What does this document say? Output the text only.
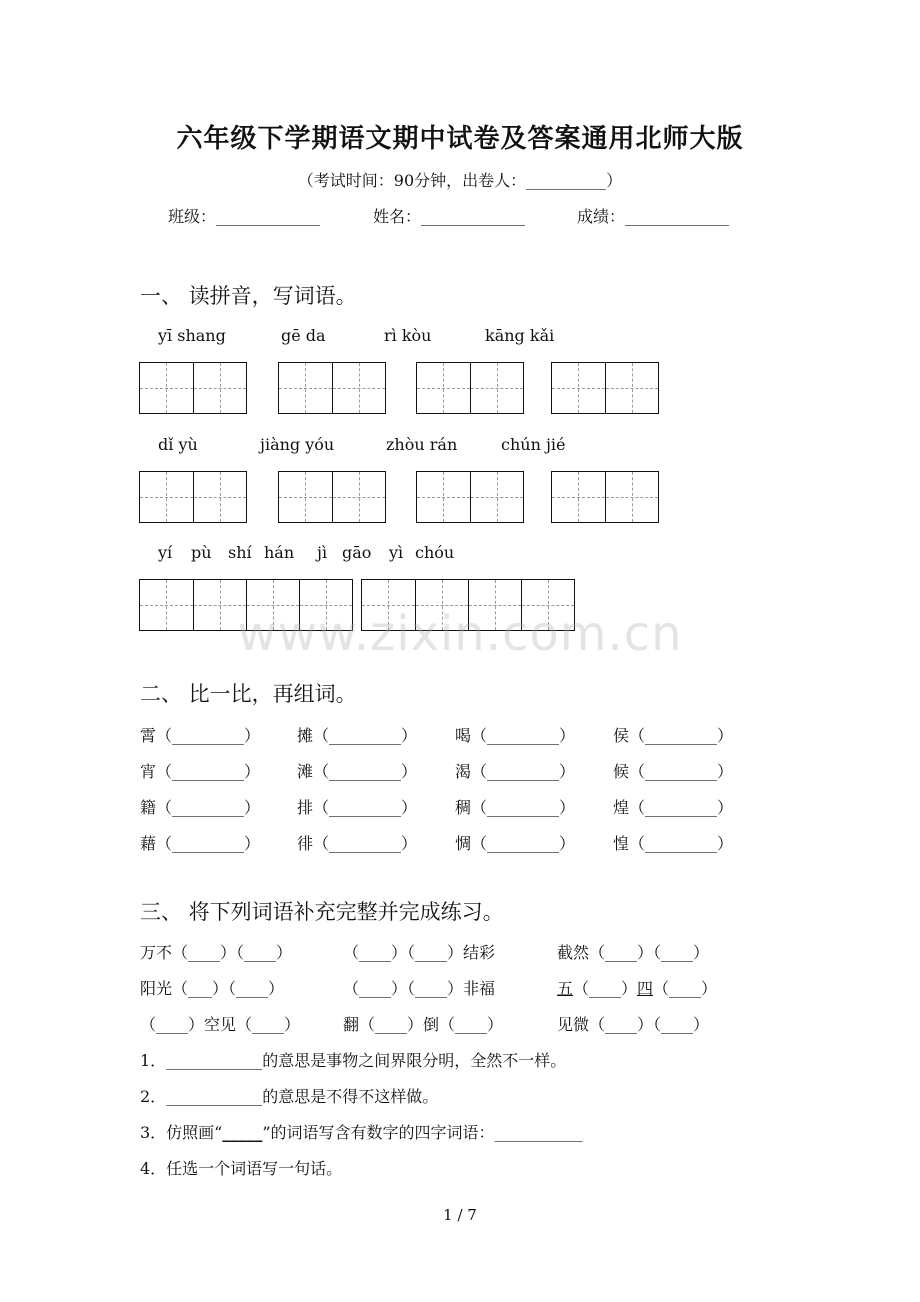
六年级下学期语文期中试卷及答案通用北师大版
（考试时间：90分钟，出卷人：__________）
班级：_____________	姓名：_____________	成绩：_____________
一、 读拼音，写词语。
yī shang	gē da	rì kòu	kāng kǎi
dǐ yù	jiàng yóu	zhòu rán	chún jié
yí pù shí hán jì gāo yì chóu
www.zixin.com.cn
二、 比一比，再组词。
霄（_________） 摊（_________） 喝（_________） 侯（_________）
宵（_________） 滩（_________） 渴（_________） 候（_________）
籍（_________） 排（_________） 稠（_________） 煌（_________）
藉（_________） 徘（_________） 惆（_________） 惶（_________）
三、 将下列词语补充完整并完成练习。
万不（____）（____）	（____）（____）结彩	截然（____）（____）
阳光（___）（____）	（____）（____）非福	五（____）四（____）
（____）空见（____）	翻（____）倒（____）	见微（____）（____）
1．____________的意思是事物之间界限分明，全然不一样。
2．____________的意思是不得不这样做。
3．仿照画“_____”的词语写含有数字的四字词语：___________
4．任选一个词语写一句话。
1 / 7
